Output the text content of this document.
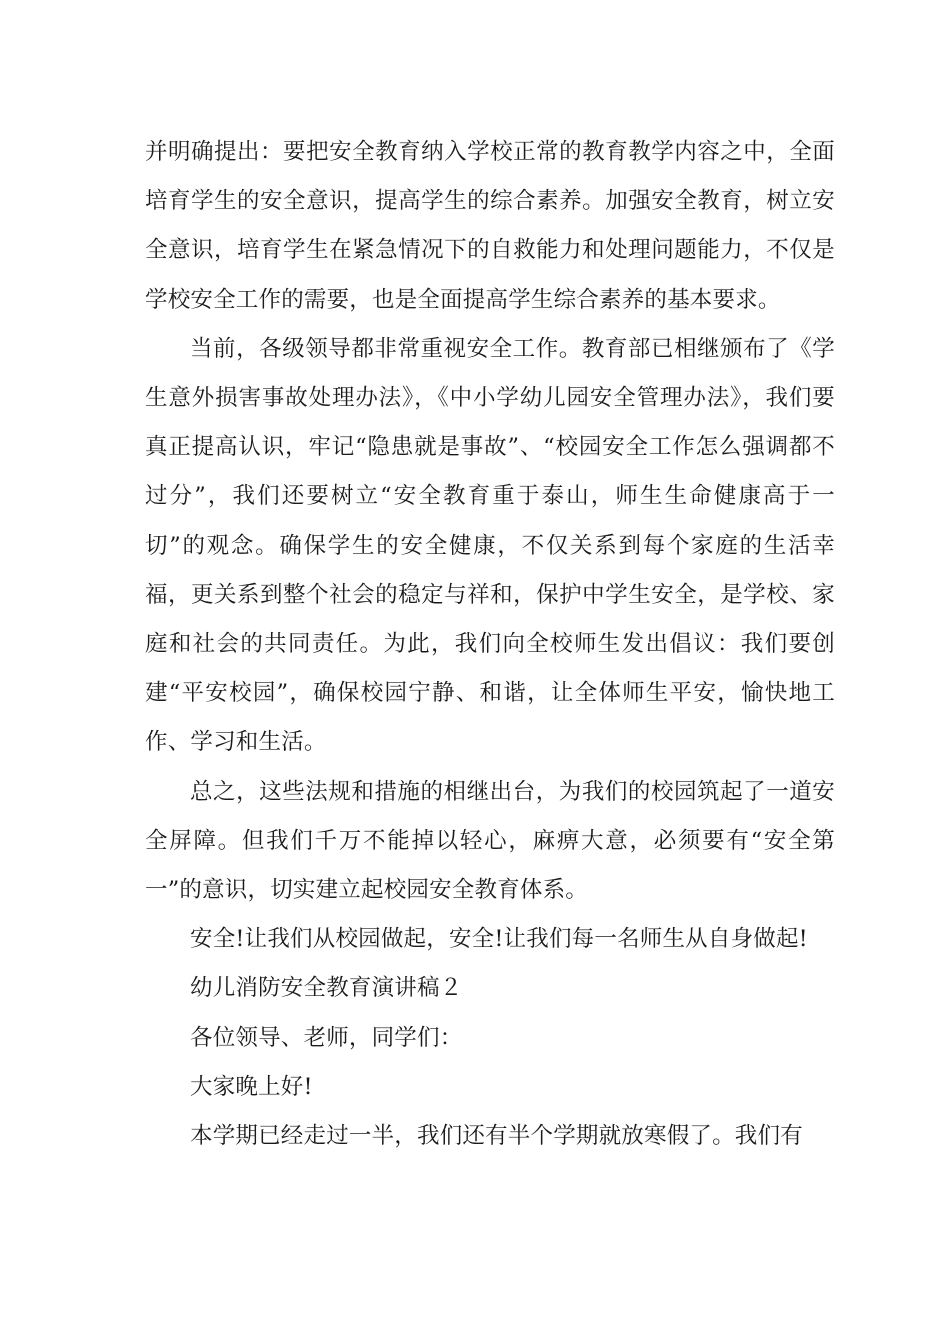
并明确提出：要把安全教育纳入学校正常的教育教学内容之中，全面培育学生的安全意识，提高学生的综合素养。加强安全教育，树立安全意识，培育学生在紧急情况下的自救能力和处理问题能力，不仅是学校安全工作的需要，也是全面提高学生综合素养的基本要求。

当前，各级领导都非常重视安全工作。教育部已相继颁布了《学生意外损害事故处理办法》，《中小学幼儿园安全管理办法》，我们要真正提高认识，牢记“隐患就是事故”、“校园安全工作怎么强调都不过分”，我们还要树立“安全教育重于泰山，师生生命健康高于一切”的观念。确保学生的安全健康，不仅关系到每个家庭的生活幸福，更关系到整个社会的稳定与祥和，保护中学生安全，是学校、家庭和社会的共同责任。为此，我们向全校师生发出倡议：我们要创建“平安校园”，确保校园宁静、和谐，让全体师生平安，愉快地工作、学习和生活。

总之，这些法规和措施的相继出台，为我们的校园筑起了一道安全屏障。但我们千万不能掉以轻心，麻痹大意，必须要有“安全第一”的意识，切实建立起校园安全教育体系。

安全!让我们从校园做起，安全!让我们每一名师生从自身做起!

幼儿消防安全教育演讲稿２

各位领导、老师，同学们：

大家晚上好!

本学期已经走过一半，我们还有半个学期就放寒假了。我们有
